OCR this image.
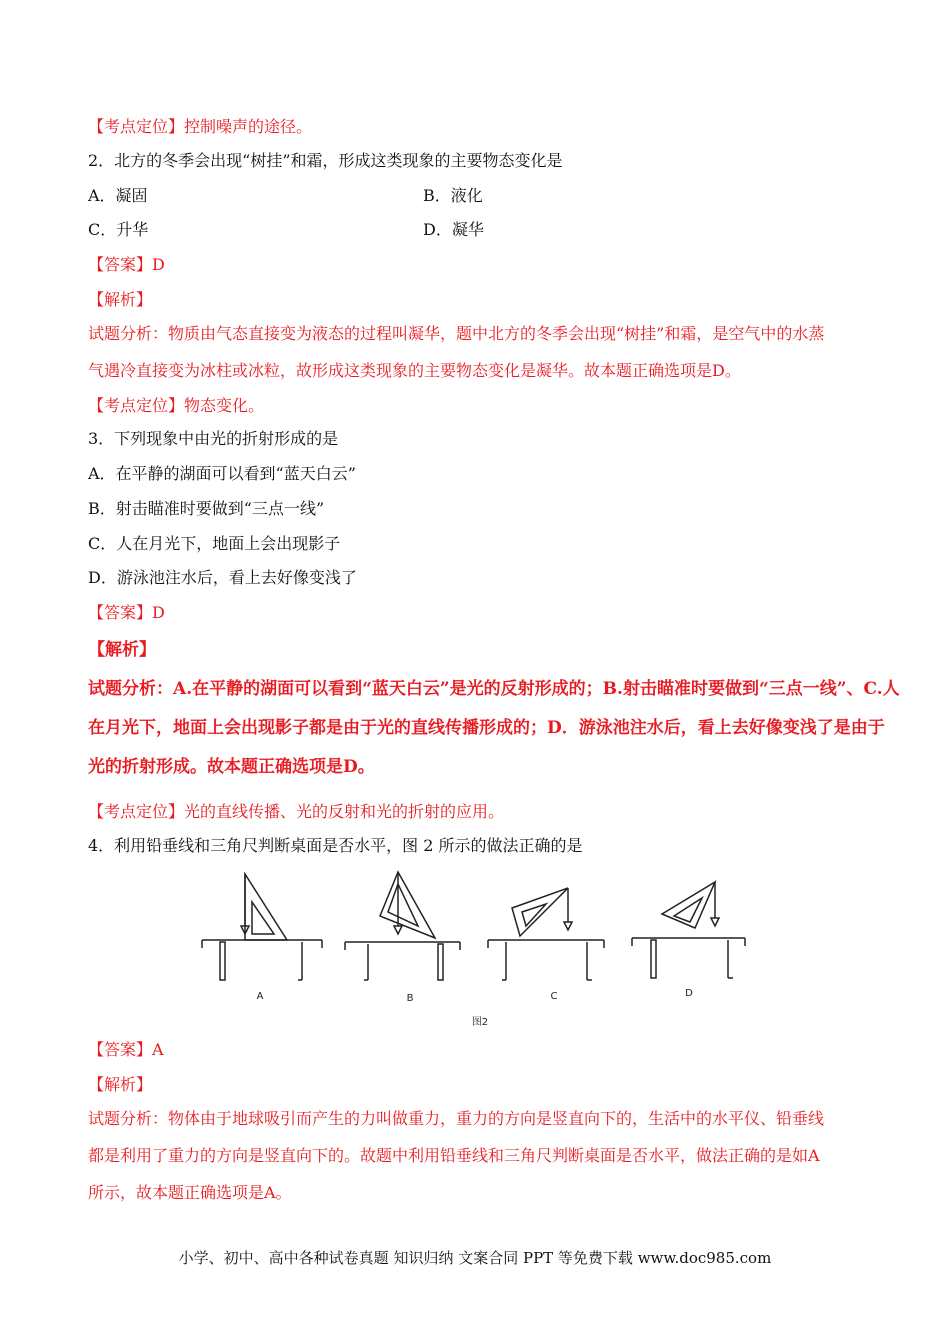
【考点定位】控制噪声的途径。
2．北方的冬季会出现“树挂”和霜，形成这类现象的主要物态变化是
A．凝固	B．液化
C．升华	D．凝华
【答案】D
【解析】
试题分析：物质由气态直接变为液态的过程叫凝华，题中北方的冬季会出现“树挂”和霜，是空气中的水蒸
气遇冷直接变为冰柱或冰粒，故形成这类现象的主要物态变化是凝华。故本题正确选项是D。
【考点定位】物态变化。
3．下列现象中由光的折射形成的是
A．在平静的湖面可以看到“蓝天白云”
B．射击瞄准时要做到“三点一线”
C．人在月光下，地面上会出现影子
D．游泳池注水后，看上去好像变浅了
【答案】D
【解析】
试题分析：A.在平静的湖面可以看到“蓝天白云”是光的反射形成的；B.射击瞄准时要做到“三点一线”、C.人
在月光下，地面上会出现影子都是由于光的直线传播形成的；D．游泳池注水后，看上去好像变浅了是由于
光的折射形成。故本题正确选项是D。
【考点定位】光的直线传播、光的反射和光的折射的应用。
4．利用铅垂线和三角尺判断桌面是否水平，图 2 所示的做法正确的是
A	B	C	D
图2
【答案】A
【解析】
试题分析：物体由于地球吸引而产生的力叫做重力，重力的方向是竖直向下的，生活中的水平仪、铅垂线
都是利用了重力的方向是竖直向下的。故题中利用铅垂线和三角尺判断桌面是否水平，做法正确的是如A
所示，故本题正确选项是A。
小学、初中、高中各种试卷真题 知识归纳 文案合同 PPT 等免费下载 www.doc985.com
